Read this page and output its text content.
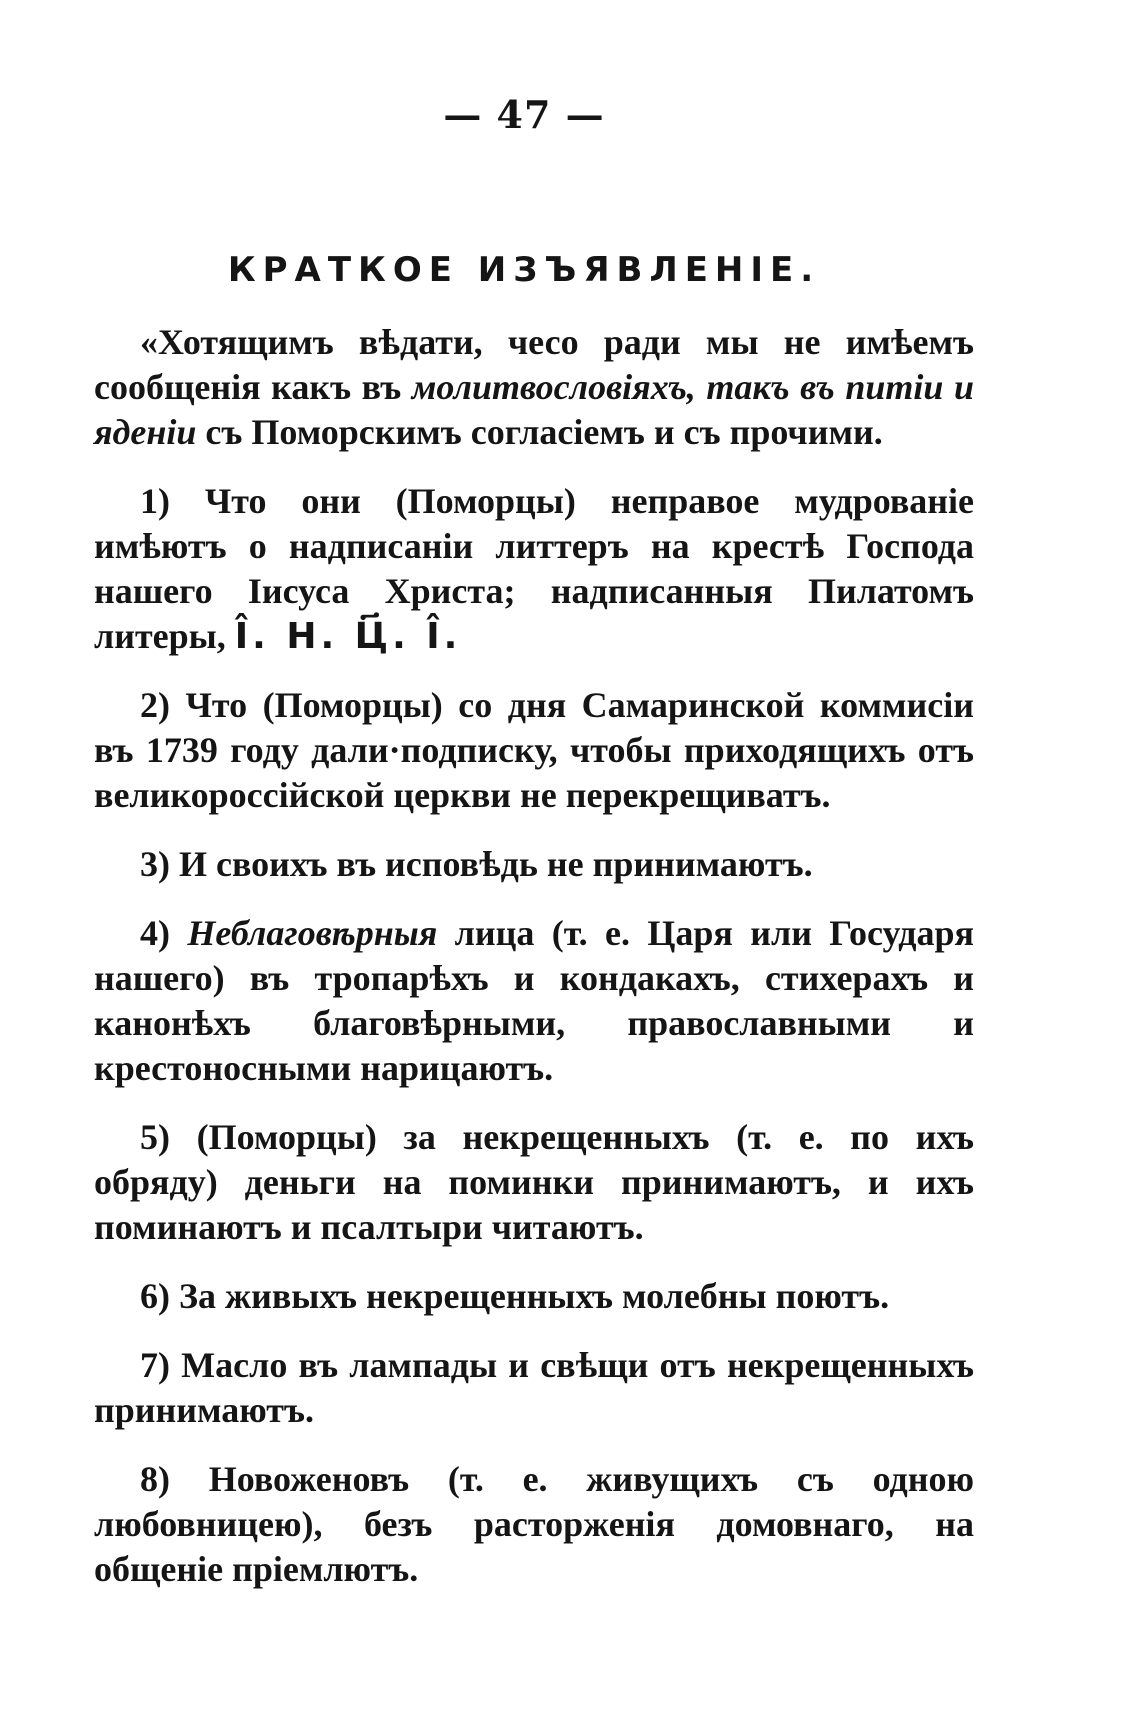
— 47 —
КРАТКОЕ ИЗЪЯВЛЕНІЕ.

«Хотящимъ вѣдати, чесо ради мы не имѣемъ сообщенія какъ въ молитвословіяхъ, такъ въ питіи и яденіи съ Поморскимъ согласіемъ и съ прочими.

1) Что они (Поморцы) неправое мудрованіе имѣютъ о надписаніи литтеръ на крестѣ Господа нашего Іисуса Христа; надписанныя Пилатомъ литеры, І̂. Н. Ц҃. І̂.

2) Что (Поморцы) со дня Самаринской коммисіи въ 1739 году дали·подписку, чтобы приходящихъ отъ великороссійской церкви не перекрещиватъ.

3) И своихъ въ исповѣдь не принимаютъ.

4) Неблаговѣрныя лица (т. е. Царя или Государя нашего) въ тропарѣхъ и кондакахъ, стихерахъ и канонѣхъ благовѣрными, православными и крестоносными нарицаютъ.

5) (Поморцы) за некрещенныхъ (т. е. по ихъ обряду) деньги на поминки принимаютъ, и ихъ поминаютъ и псалтыри читаютъ.

6) За живыхъ некрещенныхъ молебны поютъ.

7) Масло въ лампады и свѣщи отъ некрещенныхъ принимаютъ.

8) Новоженовъ (т. е. живущихъ съ одною любовницею), безъ расторженія домовнаго, на общеніе пріемлютъ.
